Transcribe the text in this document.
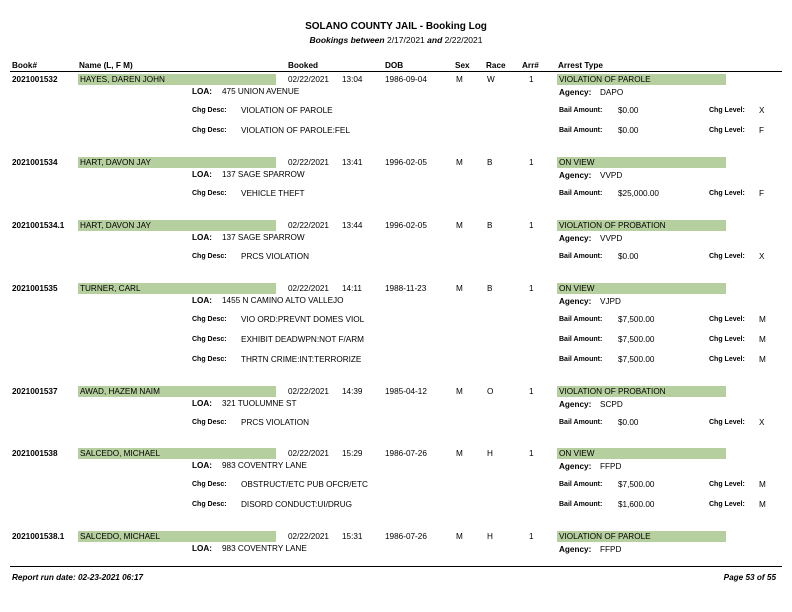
SOLANO COUNTY JAIL - Booking Log
Bookings between 2/17/2021 and 2/22/2021
Book#	Name (L, F M)	Booked	DOB	Sex Race Arr# Arrest Type
2021001532	HAYES, DAREN JOHN	02/22/2021 13:04	1986-09-04	M	W	1	VIOLATION OF PAROLE
LOA: 475 UNION AVENUE	Agency: DAPO
Chg Desc: VIOLATION OF PAROLE	Bail Amount: $0.00	Chg Level: X
Chg Desc: VIOLATION OF PAROLE:FEL	Bail Amount: $0.00	Chg Level: F
2021001534	HART, DAVON JAY	02/22/2021 13:41	1996-02-05	M	B	1	ON VIEW
LOA: 137 SAGE SPARROW	Agency: VVPD
Chg Desc: VEHICLE THEFT	Bail Amount: $25,000.00	Chg Level: F
2021001534.1 HART, DAVON JAY	02/22/2021 13:44	1996-02-05	M	B	1	VIOLATION OF PROBATION
LOA: 137 SAGE SPARROW	Agency: VVPD
Chg Desc: PRCS VIOLATION	Bail Amount: $0.00	Chg Level: X
2021001535	TURNER, CARL	02/22/2021 14:11	1988-11-23	M	B	1	ON VIEW
LOA: 1455 N CAMINO ALTO VALLEJO	Agency: VJPD
Chg Desc: VIO ORD:PREVNT DOMES VIOL	Bail Amount: $7,500.00	Chg Level: M
Chg Desc: EXHIBIT DEADWPN:NOT F/ARM	Bail Amount: $7,500.00	Chg Level: M
Chg Desc: THRTN CRIME:INT:TERRORIZE	Bail Amount: $7,500.00	Chg Level: M
2021001537	AWAD, HAZEM NAIM	02/22/2021 14:39	1985-04-12	M	O	1	VIOLATION OF PROBATION
LOA: 321 TUOLUMNE ST	Agency: SCPD
Chg Desc: PRCS VIOLATION	Bail Amount: $0.00	Chg Level: X
2021001538	SALCEDO, MICHAEL	02/22/2021 15:29	1986-07-26	M	H	1	ON VIEW
LOA: 983 COVENTRY LANE	Agency: FFPD
Chg Desc: OBSTRUCT/ETC PUB OFCR/ETC	Bail Amount: $7,500.00	Chg Level: M
Chg Desc: DISORD CONDUCT:UI/DRUG	Bail Amount: $1,600.00	Chg Level: M
2021001538.1 SALCEDO, MICHAEL	02/22/2021 15:31	1986-07-26	M	H	1	VIOLATION OF PAROLE
LOA: 983 COVENTRY LANE	Agency: FFPD
Report run date: 02-23-2021 06:17	Page 53 of 55
